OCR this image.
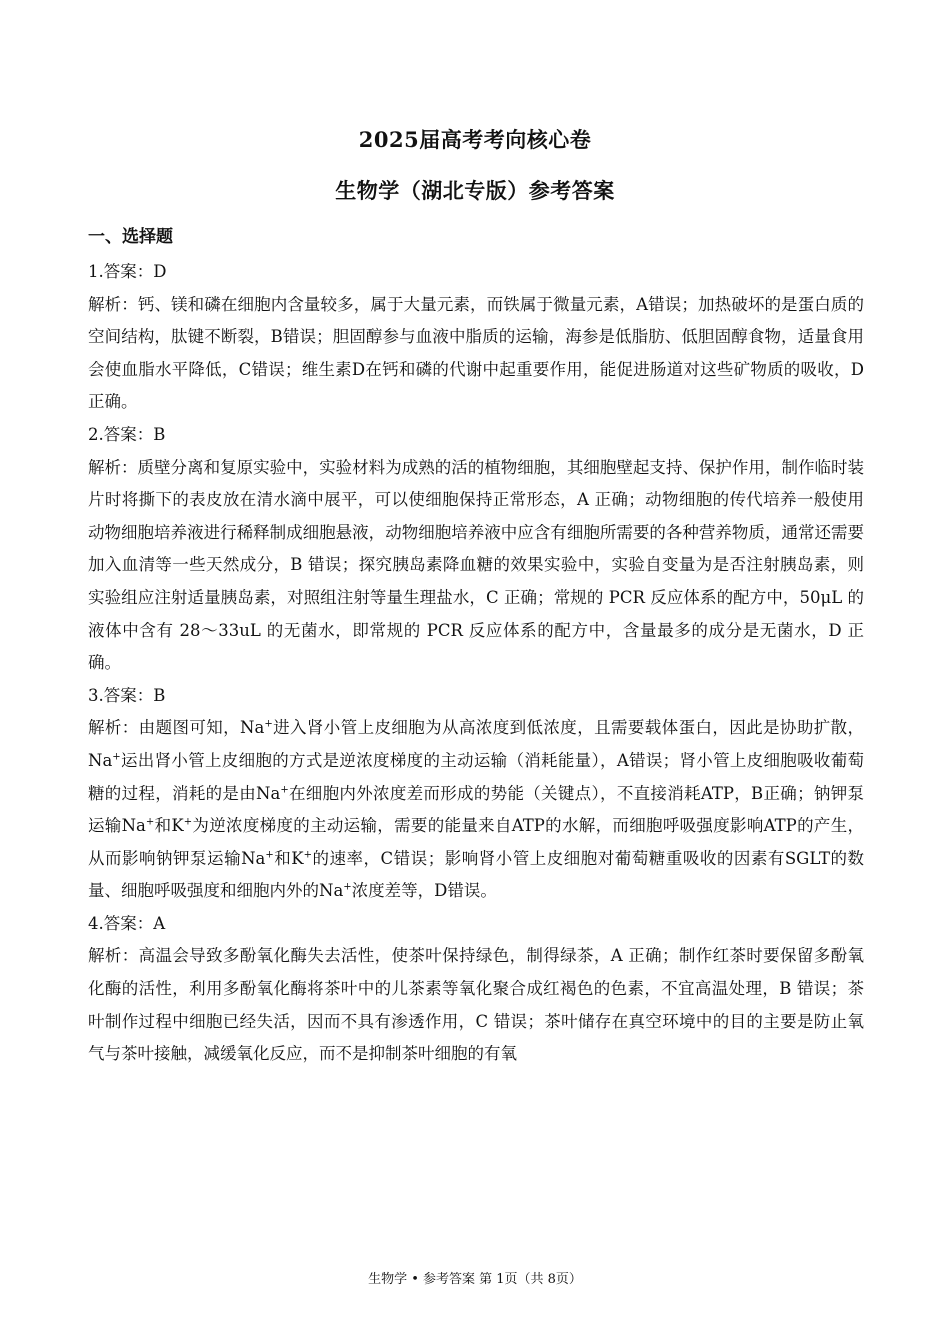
2025届高考考向核心卷
生物学（湖北专版）参考答案
一、选择题

1.答案：D

解析：钙、镁和磷在细胞内含量较多，属于大量元素，而铁属于微量元素，A错误；加热破坏的是蛋白质的空间结构，肽键不断裂，B错误；胆固醇参与血液中脂质的运输，海参是低脂肪、低胆固醇食物，适量食用会使血脂水平降低，C错误；维生素D在钙和磷的代谢中起重要作用，能促进肠道对这些矿物质的吸收，D正确。

2.答案：B

解析：质壁分离和复原实验中，实验材料为成熟的活的植物细胞，其细胞壁起支持、保护作用，制作临时装片时将撕下的表皮放在清水滴中展平，可以使细胞保持正常形态，A 正确；动物细胞的传代培养一般使用动物细胞培养液进行稀释制成细胞悬液，动物细胞培养液中应含有细胞所需要的各种营养物质，通常还需要加入血清等一些天然成分，B 错误；探究胰岛素降血糖的效果实验中，实验自变量为是否注射胰岛素，则实验组应注射适量胰岛素，对照组注射等量生理盐水，C 正确；常规的 PCR 反应体系的配方中，50μL 的液体中含有 28～33uL 的无菌水，即常规的 PCR 反应体系的配方中，含量最多的成分是无菌水，D 正确。

3.答案：B

解析：由题图可知，Na+进入肾小管上皮细胞为从高浓度到低浓度，且需要载体蛋白，因此是协助扩散，Na+运出肾小管上皮细胞的方式是逆浓度梯度的主动运输（消耗能量），A错误；肾小管上皮细胞吸收葡萄糖的过程，消耗的是由Na+在细胞内外浓度差而形成的势能（关键点），不直接消耗ATP，B正确；钠钾泵运输Na+和K+为逆浓度梯度的主动运输，需要的能量来自ATP的水解，而细胞呼吸强度影响ATP的产生，从而影响钠钾泵运输Na+和K+的速率，C错误；影响肾小管上皮细胞对葡萄糖重吸收的因素有SGLT的数量、细胞呼吸强度和细胞内外的Na+浓度差等，D错误。

4.答案：A

解析：高温会导致多酚氧化酶失去活性，使茶叶保持绿色，制得绿茶，A 正确；制作红茶时要保留多酚氧化酶的活性，利用多酚氧化酶将茶叶中的儿茶素等氧化聚合成红褐色的色素，不宜高温处理，B 错误；茶叶制作过程中细胞已经失活，因而不具有渗透作用，C 错误；茶叶储存在真空环境中的目的主要是防止氧气与茶叶接触，减缓氧化反应，而不是抑制茶叶细胞的有氧

生物学 • 参考答案 第 1页（共 8页）
